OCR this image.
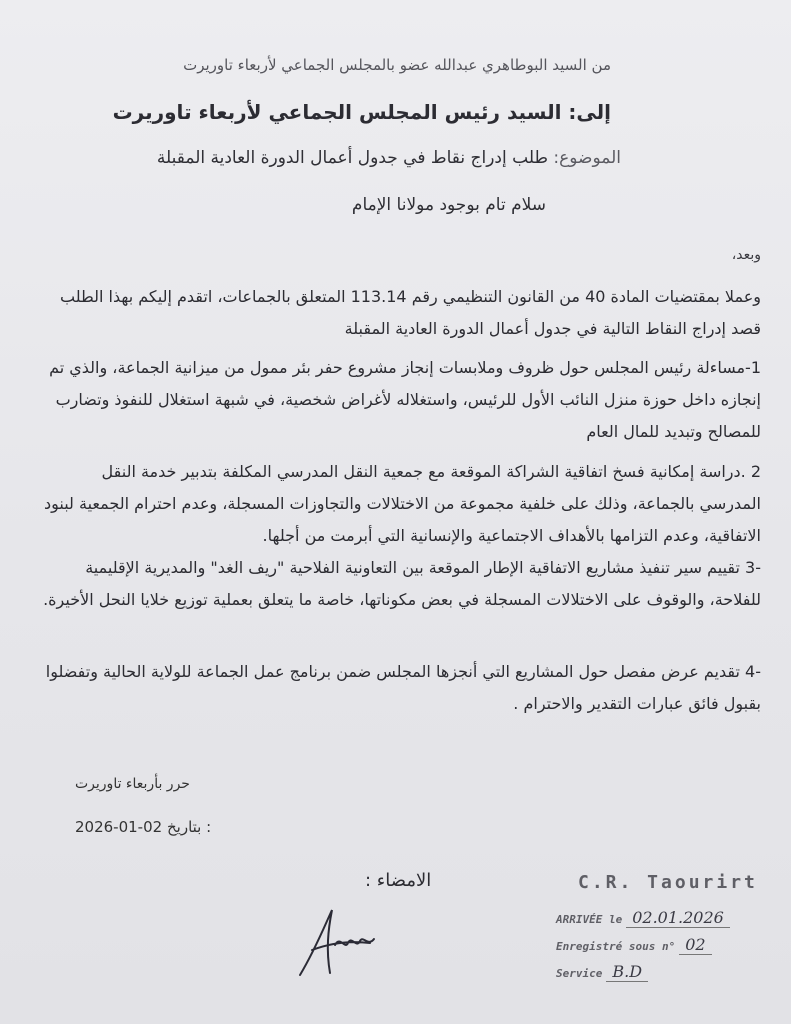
من السيد البوطاهري عبدالله عضو بالمجلس الجماعي لأربعاء تاوريرت
إلى: السيد رئيس المجلس الجماعي لأربعاء تاوريرت
الموضوع: طلب إدراج نقاط في جدول أعمال الدورة العادية المقبلة
سلام تام بوجود مولانا الإمام
وبعد،
وعملا بمقتضيات المادة 40 من القانون التنظيمي رقم 113.14 المتعلق بالجماعات، اتقدم إليكم بهذا الطلب قصد إدراج النقاط التالية في جدول أعمال الدورة العادية المقبلة
1-مساءلة رئيس المجلس حول ظروف وملابسات إنجاز مشروع حفر بئر ممول من ميزانية الجماعة، والذي تم إنجازه داخل حوزة منزل النائب الأول للرئيس، واستغلاله لأغراض شخصية، في شبهة استغلال للنفوذ وتضارب للمصالح وتبديد للمال العام
2 .دراسة إمكانية فسخ اتفاقية الشراكة الموقعة مع جمعية النقل المدرسي المكلفة بتدبير خدمة النقل المدرسي بالجماعة، وذلك على خلفية مجموعة من الاختلالات والتجاوزات المسجلة، وعدم احترام الجمعية لبنود الاتفاقية، وعدم التزامها بالأهداف الاجتماعية والإنسانية التي أبرمت من أجلها.
-3 تقييم سير تنفيذ مشاريع الاتفاقية الإطار الموقعة بين التعاونية الفلاحية "ريف الغد" والمديرية الإقليمية للفلاحة، والوقوف على الاختلالات المسجلة في بعض مكوناتها، خاصة ما يتعلق بعملية توزيع خلايا النحل الأخيرة.
-4 تقديم عرض مفصل حول المشاريع التي أنجزها المجلس ضمن برنامج عمل الجماعة للولاية الحالية وتفضلوا بقبول فائق عبارات التقدير والاحترام .
حرر بأربعاء تاوريرت
2026-01-02 بتاريخ :
الامضاء :	C.R. Taourirt
ARRIVÉE le 02.01.2026
Enregistré sous n° 02
Service B.D
